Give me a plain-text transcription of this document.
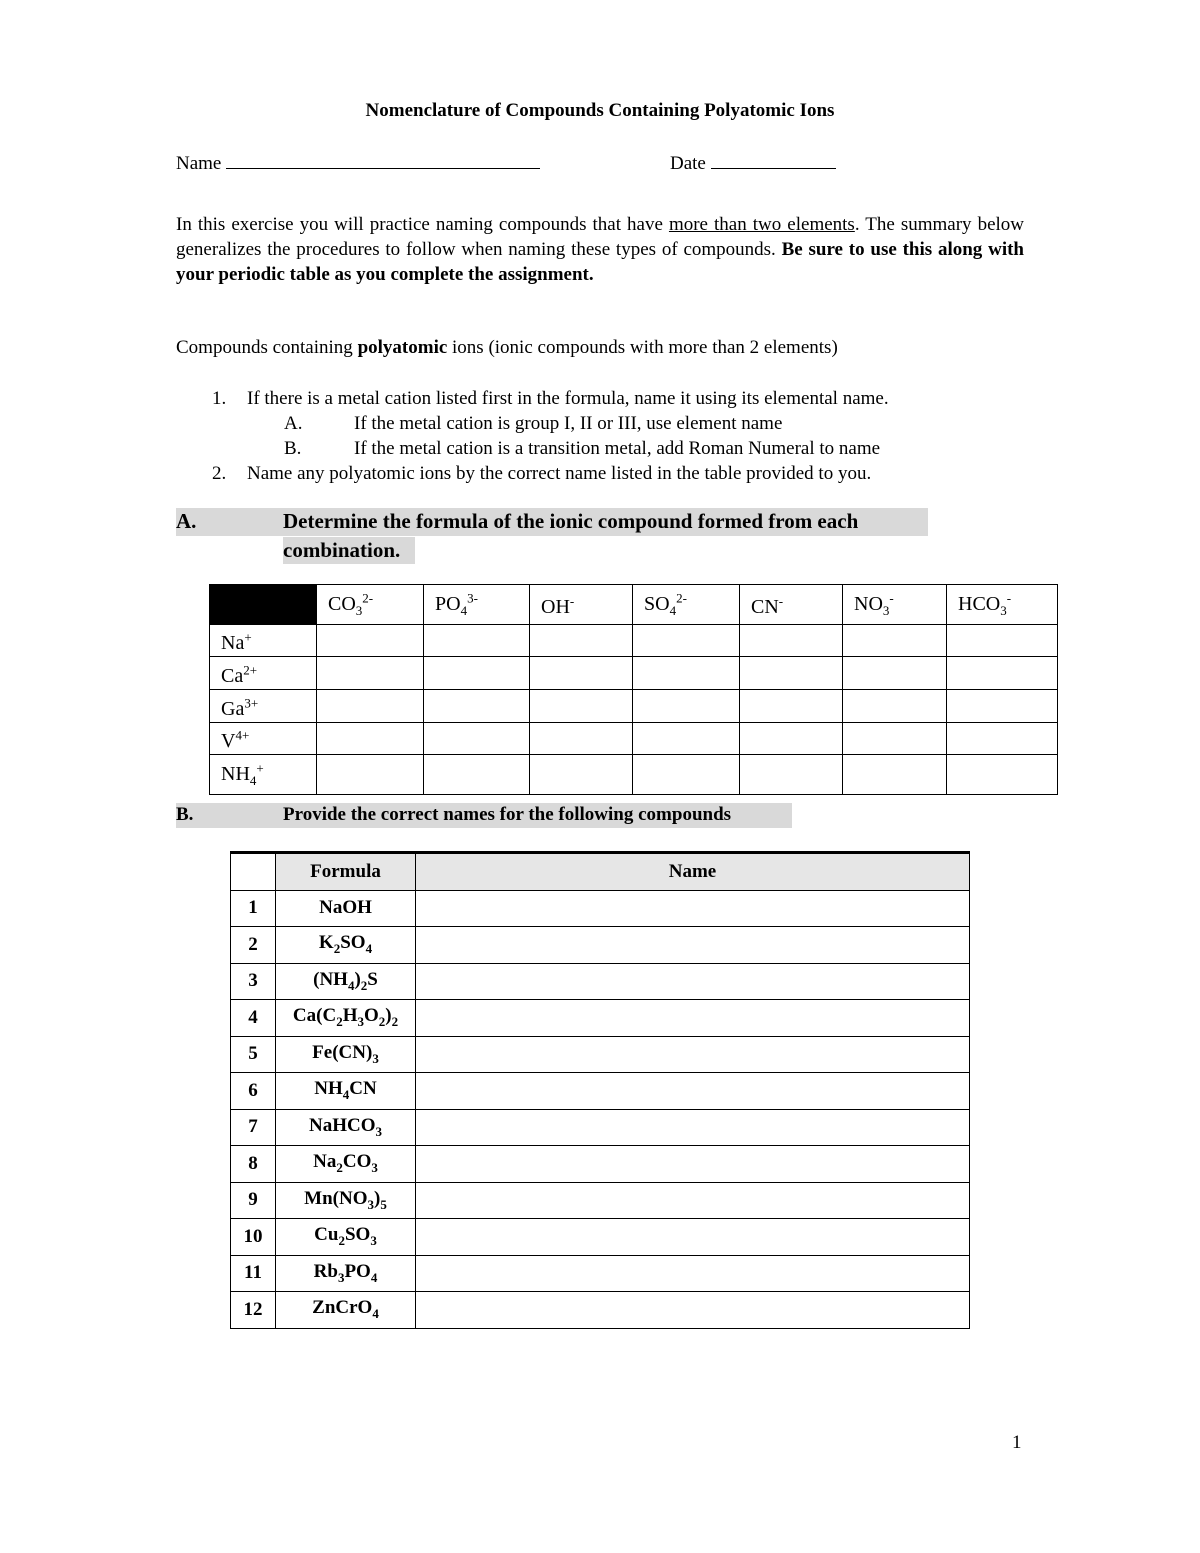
Nomenclature of Compounds Containing Polyatomic Ions
Name	Date
In this exercise you will practice naming compounds that have more than two elements. The summary below generalizes the procedures to follow when naming these types of compounds. Be sure to use this along with your periodic table as you complete the assignment.
Compounds containing polyatomic ions (ionic compounds with more than 2 elements)
1. If there is a metal cation listed first in the formula, name it using its elemental name.
A.	If the metal cation is group I, II or III, use element name
B.	If the metal cation is a transition metal, add Roman Numeral to name
2. Name any polyatomic ions by the correct name listed in the table provided to you.
A.	Determine the formula of the ionic compound formed from each
combination.
	$CO_3^{2-}$	$PO_4^{3-}$	OH-	$SO_4^{2-}$	CN-	$NO_3^-$	$HCO_3^-$
Na+							
$Ca^{2+}$							
$Ga^{3+}$							
$V^{4+}$							
$NH_4^+$							
B.	Provide the correct names for the following compounds
	Formula	Name
1	NaOH	
2	$K_2SO_4$	
3	$(NH_4)_2S$	
4	$Ca(C_2H_3O_2)_2$	
5	$Fe(CN)_3$	
6	$NH_4CN$	
7	NaHCO$_3$	
8	$Na_2CO_3$	
9	$Mn(NO_3)_5$	
10	$Cu_2SO_3$	
11	$Rb_3PO_4$	
12	ZnCrO$_4$	
1
